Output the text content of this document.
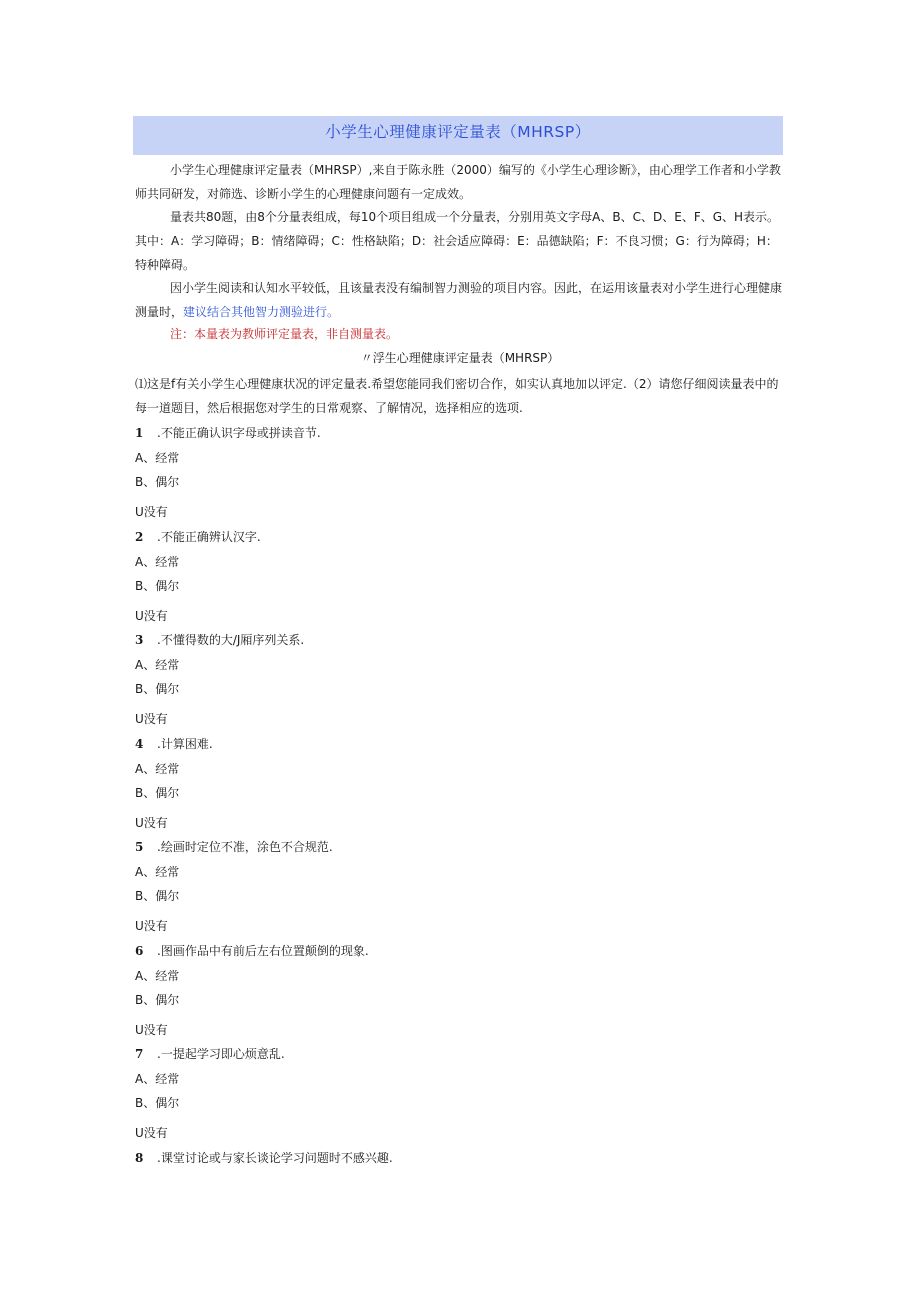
小学生心理健康评定量表（MHRSP）
小学生心理健康评定量表（MHRSP）,来自于陈永胜（2000）编写的《小学生心理诊断》，由心理学工作者和小学教师共同研发，对筛选、诊断小学生的心理健康问题有一定成效。
量表共80题，由8个分量表组成，每10个项目组成一个分量表，分别用英文字母A、B、C、D、E、F、G、H表示。其中：A：学习障碍；B：情绪障碍；C：性格缺陷；D：社会适应障碍：E：品德缺陷；F：不良习惯；G：行为障碍；H：特种障碍。
因小学生阅读和认知水平较低，且该量表没有编制智力测验的项目内容。因此，在运用该量表对小学生进行心理健康测量时，建议结合其他智力测验进行。
注：本量表为教师评定量表，非自测量表。
〃浮生心理健康评定量表（MHRSP）
⑴这是f有关小学生心理健康状况的评定量表.希望您能同我们密切合作，如实认真地加以评定.（2）请您仔细阅读量表中的每一道题目，然后根据您对学生的日常观察、了解情况，选择相应的选项.
1 .不能正确认识字母或拼读音节.
A、经常
B、偶尔
U没有
2 .不能正确辨认汉字.
A、经常
B、偶尔
U没有
3 .不懂得数的大/J厢序列关系.
A、经常
B、偶尔
U没有
4 .计算困难.
A、经常
B、偶尔
U没有
5 .绘画时定位不准，涂色不合规范.
A、经常
B、偶尔
U没有
6 .图画作品中有前后左右位置颠倒的现象.
A、经常
B、偶尔
U没有
7 .一提起学习即心烦意乱.
A、经常
B、偶尔
U没有
8 .课堂讨论或与家长谈论学习问题时不感兴趣.
